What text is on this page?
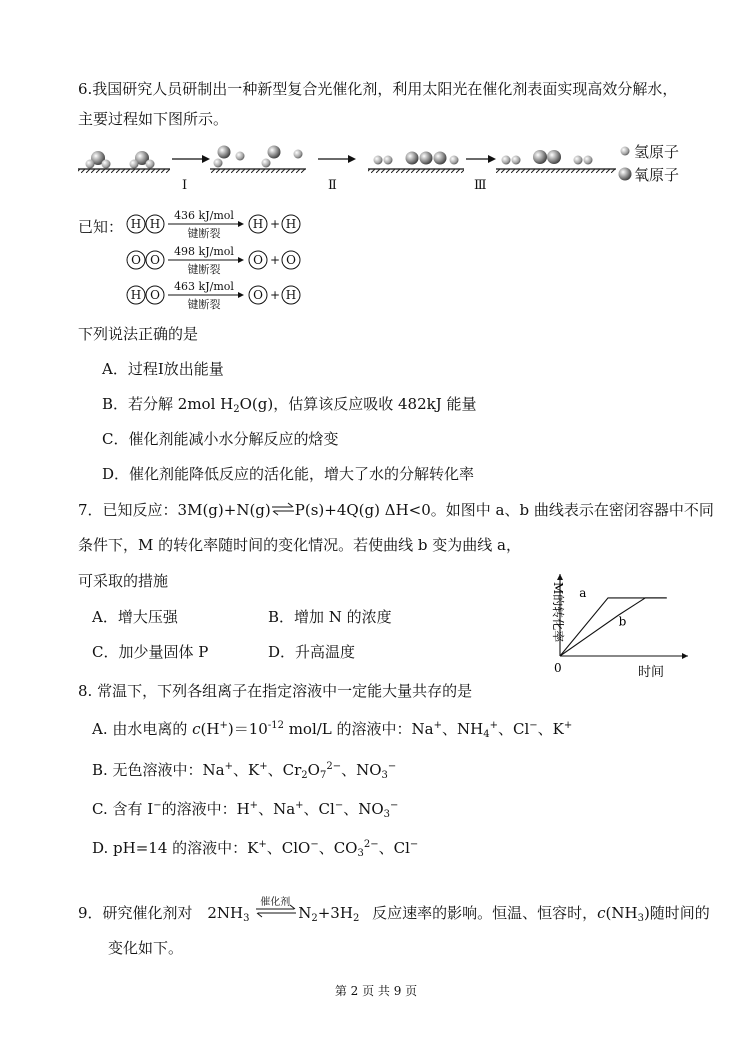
6.我国研究人员研制出一种新型复合光催化剂，利用太阳光在催化剂表面实现高效分解水，
主要过程如下图所示。
Ⅰ	Ⅱ	Ⅲ
氢原子
氧原子
已知： H H
436 kJ/mol
键断裂
H + H
O O
498 kJ/mol
键断裂
O + O
H O
463 kJ/mol
键断裂
O + H
下列说法正确的是
A．过程Ⅰ放出能量
B．若分解 2mol $H_2O(g)$，估算该反应吸收 482kJ 能量
C．催化剂能减小水分解反应的焓变
D．催化剂能降低反应的活化能，增大了水的分解转化率
7．已知反应：3M(g)+N(g)⇌P(s)+4Q(g) ΔH<0。如图中 a、b 曲线表示在密闭容器中不同
条件下，M 的转化率随时间的变化情况。若使曲线 b 变为曲线 a，
可采取的措施
A．增大压强	B．增加 N 的浓度
C．加少量固体 P	D．升高温度
a
b
0	时间
M的转化率
8. 常温下，下列各组离子在指定溶液中一定能大量共存的是
A. 由水电离的 $c(H^+)=10^{-12}$ mol/L 的溶液中：Na+、$NH_4^+$、Cl−、K+
B. 无色溶液中：Na+、K+、$Cr_2O_7^{2-}$、$NO_3^-$
C. 含有 I−的溶液中：H+、Na+、Cl−、$NO_3^-$
D. pH=14 的溶液中：K+、ClO−、$CO_3^{2-}$、Cl−
9．研究催化剂对 $2NH_3$
催化剂
$N_2+3H_2$ 反应速率的影响。恒温、恒容时，$c(NH_3)$随时间的
变化如下。
第 2 页 共 9 页
